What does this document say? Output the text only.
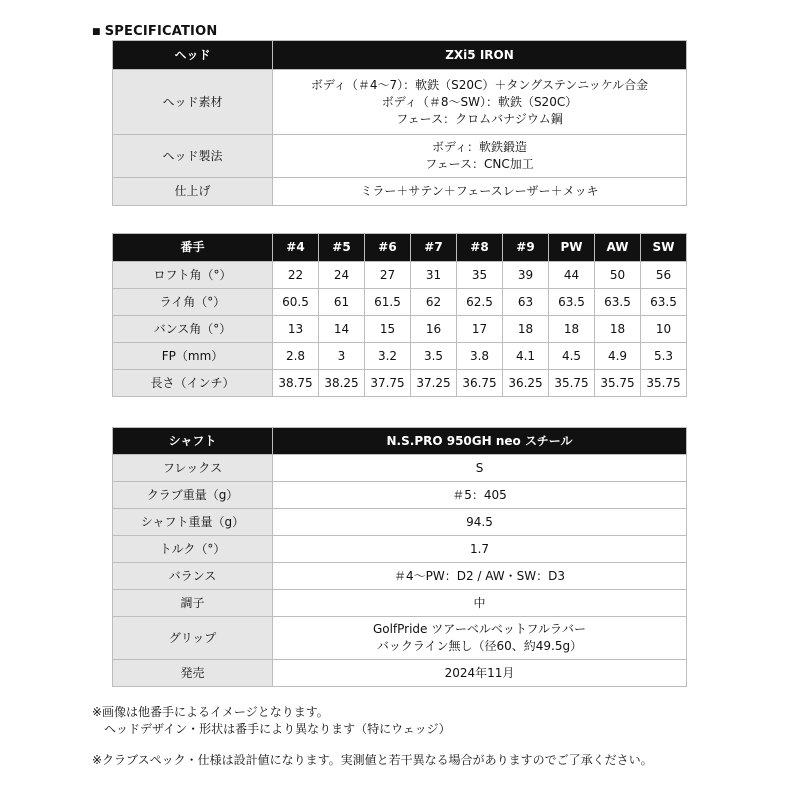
■ SPECIFICATION
ヘッド	ZXi5 IRON
ヘッド素材	ボディ（＃4〜7）：軟鉄（S20C）＋タングステンニッケル合金
ボディ（＃8〜SW）：軟鉄（S20C）
フェース：クロムバナジウム鋼

ヘッド製法	ボディ：軟鉄鍛造
フェース：CNC加工

仕上げ	ミラー＋サテン＋フェースレーザー＋メッキ
番手	#4	#5	#6	#7	#8	#9	PW	AW	SW
ロフト角（°）	22	24	27	31	35	39	44	50	56
ライ角（°）	60.5	61	61.5	62	62.5	63	63.5	63.5	63.5
バンス角（°）	13	14	15	16	17	18	18	18	10
FP（mm）	2.8	3	3.2	3.5	3.8	4.1	4.5	4.9	5.3
長さ（インチ）	38.75	38.25	37.75	37.25	36.75	36.25	35.75	35.75	35.75
シャフト	N.S.PRO 950GH neo スチール
フレックス	S
クラブ重量（g）	＃5：405
シャフト重量（g）	94.5
トルク（°）	1.7
バランス	＃4〜PW：D2 / AW・SW：D3
調子	中
グリップ	GolfPride ツアーベルベットフルラバー
バックライン無し（径60、約49.5g）

発売	2024年11月
※画像は他番手によるイメージとなります。
ヘッドデザイン・形状は番手により異なります（特にウェッジ）
※クラブスペック・仕様は設計値になります。実測値と若干異なる場合がありますのでご了承ください。
